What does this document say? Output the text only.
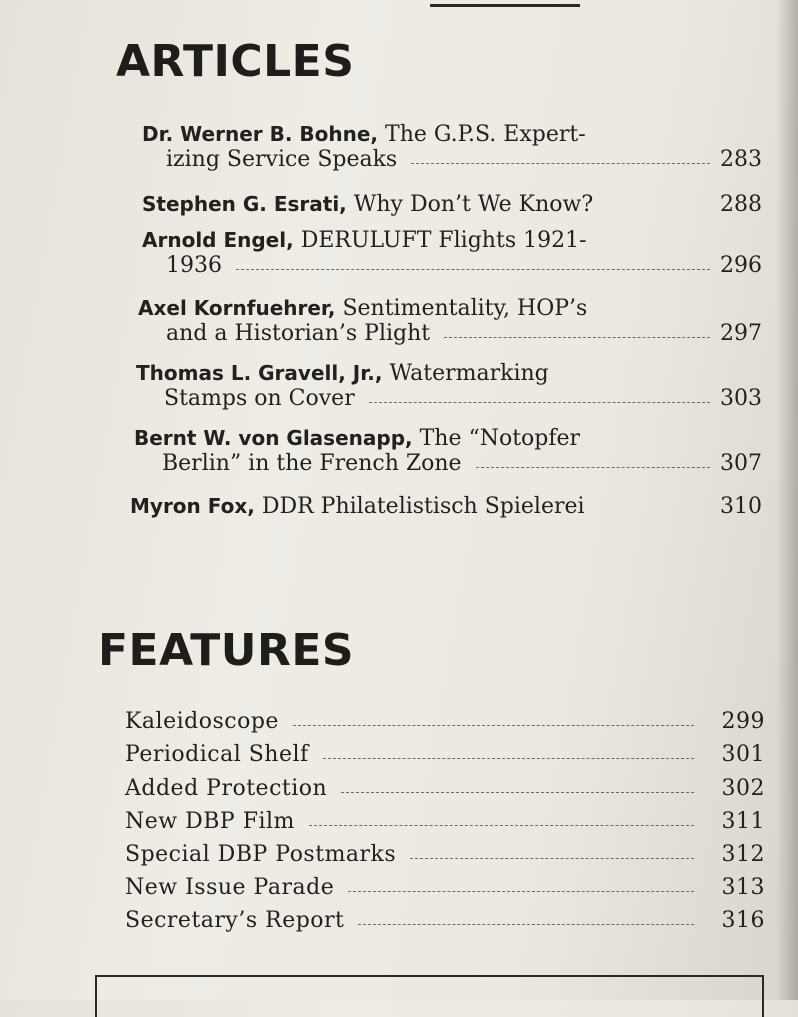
ARTICLES
Dr. Werner B. Bohne,
The G.P.S. Expert-
izing Service Speaks	283
Stephen G. Esrati,
Why Don’t We Know?	288
Arnold Engel,
DERULUFT Flights 1921-
1936	296
Axel Kornfuehrer,
Sentimentality, HOP’s
and a Historian’s Plight	297
Thomas L. Gravell, Jr.,
Watermarking
Stamps on Cover	303
Bernt W. von Glasenapp,
The “Notopfer
Berlin” in the French Zone	307
Myron Fox,
DDR Philatelistisch Spielerei	310
FEATURES
Kaleidoscope	299
Periodical Shelf	301
Added Protection	302
New DBP Film	311
Special DBP Postmarks	312
New Issue Parade	313
Secretary’s Report	316
